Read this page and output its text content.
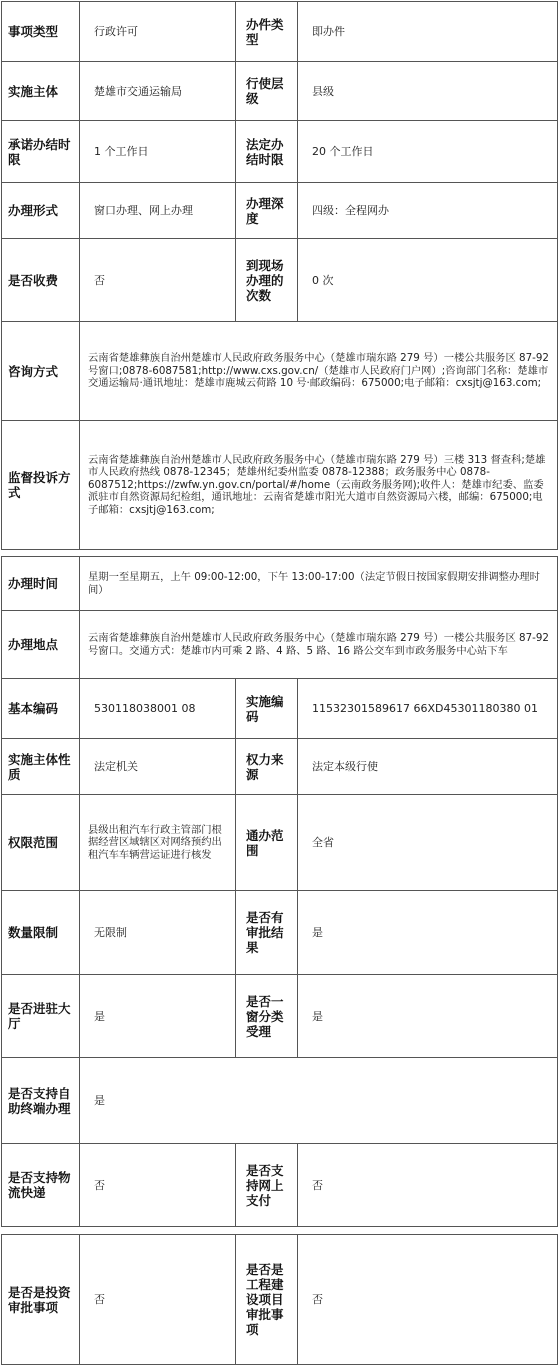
事项类型	行政许可	办件类型	即办件
实施主体	楚雄市交通运输局	行使层级	县级
承诺办结时限	1 个工作日	法定办结时限	20 个工作日
办理形式	窗口办理、网上办理	办理深度	四级：全程网办
是否收费	否	到现场办理的次数	0 次
咨询方式	云南省楚雄彝族自治州楚雄市人民政府政务服务中心（楚雄市瑞东路 279 号）一楼公共服务区 87-92 号窗口;0878-6087581;http://www.cxs.gov.cn/（楚雄市人民政府门户网）;咨询部门名称：楚雄市交通运输局·通讯地址：楚雄市鹿城云荷路 10 号·邮政编码：675000;电子邮箱：cxsjtj@163.com;		
监督投诉方式	云南省楚雄彝族自治州楚雄市人民政府政务服务中心（楚雄市瑞东路 279 号）三楼 313 督查科;楚雄市人民政府热线 0878-12345；楚雄州纪委州监委 0878-12388；政务服务中心 0878-6087512;https://zwfw.yn.gov.cn/portal/#/home（云南政务服务网);收件人：楚雄市纪委、监委派驻市自然资源局纪检组，通讯地址：云南省楚雄市阳光大道市自然资源局六楼，邮编：675000;电子邮箱：cxsjtj@163.com;		
办理时间	星期一至星期五，上午 09:00-12:00，下午 13:00-17:00（法定节假日按国家假期安排调整办理时间）		
办理地点	云南省楚雄彝族自治州楚雄市人民政府政务服务中心（楚雄市瑞东路 279 号）一楼公共服务区 87-92 号窗口。交通方式：楚雄市内可乘 2 路、4 路、5 路、16 路公交车到市政务服务中心站下车		
基本编码	530118038001 08	实施编码	11532301589617 66XD45301180380 01
实施主体性质	法定机关	权力来源	法定本级行使
权限范围	县级出租汽车行政主管部门根据经营区域辖区对网络预约出租汽车车辆营运证进行核发	通办范围	全省
数量限制	无限制	是否有审批结果	是
是否进驻大厅	是	是否一窗分类受理	是
是否支持自助终端办理	是		
是否支持物流快递	否	是否支持网上支付	否
是否是投资审批事项	否	是否是工程建设项目审批事项	否
